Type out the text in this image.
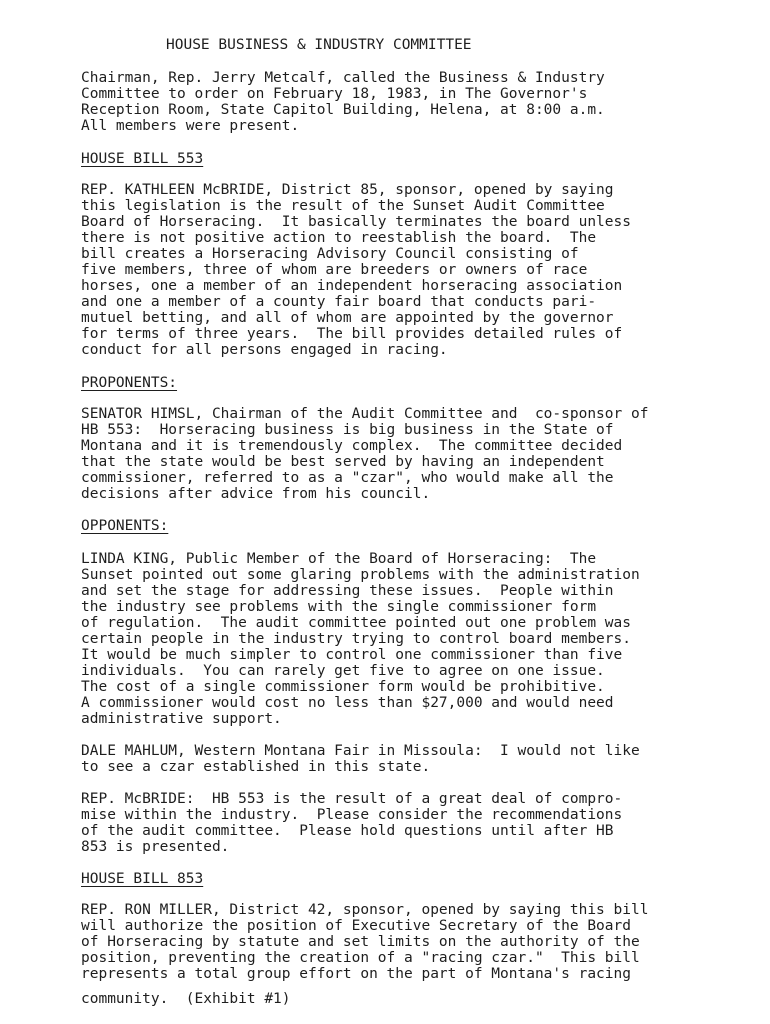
HOUSE BUSINESS & INDUSTRY COMMITTEE
Chairman, Rep. Jerry Metcalf, called the Business & Industry
Committee to order on February 18, 1983, in The Governor's
Reception Room, State Capitol Building, Helena, at 8:00 a.m.
All members were present.
HOUSE BILL 553
REP. KATHLEEN McBRIDE, District 85, sponsor, opened by saying
this legislation is the result of the Sunset Audit Committee
Board of Horseracing.  It basically terminates the board unless
there is not positive action to reestablish the board.  The
bill creates a Horseracing Advisory Council consisting of
five members, three of whom are breeders or owners of race
horses, one a member of an independent horseracing association
and one a member of a county fair board that conducts pari-
mutuel betting, and all of whom are appointed by the governor
for terms of three years.  The bill provides detailed rules of
conduct for all persons engaged in racing.
PROPONENTS:
SENATOR HIMSL, Chairman of the Audit Committee and  co-sponsor of
HB 553:  Horseracing business is big business in the State of
Montana and it is tremendously complex.  The committee decided
that the state would be best served by having an independent
commissioner, referred to as a "czar", who would make all the
decisions after advice from his council.
OPPONENTS:
LINDA KING, Public Member of the Board of Horseracing:  The
Sunset pointed out some glaring problems with the administration
and set the stage for addressing these issues.  People within
the industry see problems with the single commissioner form
of regulation.  The audit committee pointed out one problem was
certain people in the industry trying to control board members.
It would be much simpler to control one commissioner than five
individuals.  You can rarely get five to agree on one issue.
The cost of a single commissioner form would be prohibitive.
A commissioner would cost no less than $27,000 and would need
administrative support.
DALE MAHLUM, Western Montana Fair in Missoula:  I would not like
to see a czar established in this state.
REP. McBRIDE:  HB 553 is the result of a great deal of compro-
mise within the industry.  Please consider the recommendations
of the audit committee.  Please hold questions until after HB
853 is presented.
HOUSE BILL 853
REP. RON MILLER, District 42, sponsor, opened by saying this bill
will authorize the position of Executive Secretary of the Board
of Horseracing by statute and set limits on the authority of the
position, preventing the creation of a "racing czar."  This bill
represents a total group effort on the part of Montana's racing
community.  (Exhibit #1)
